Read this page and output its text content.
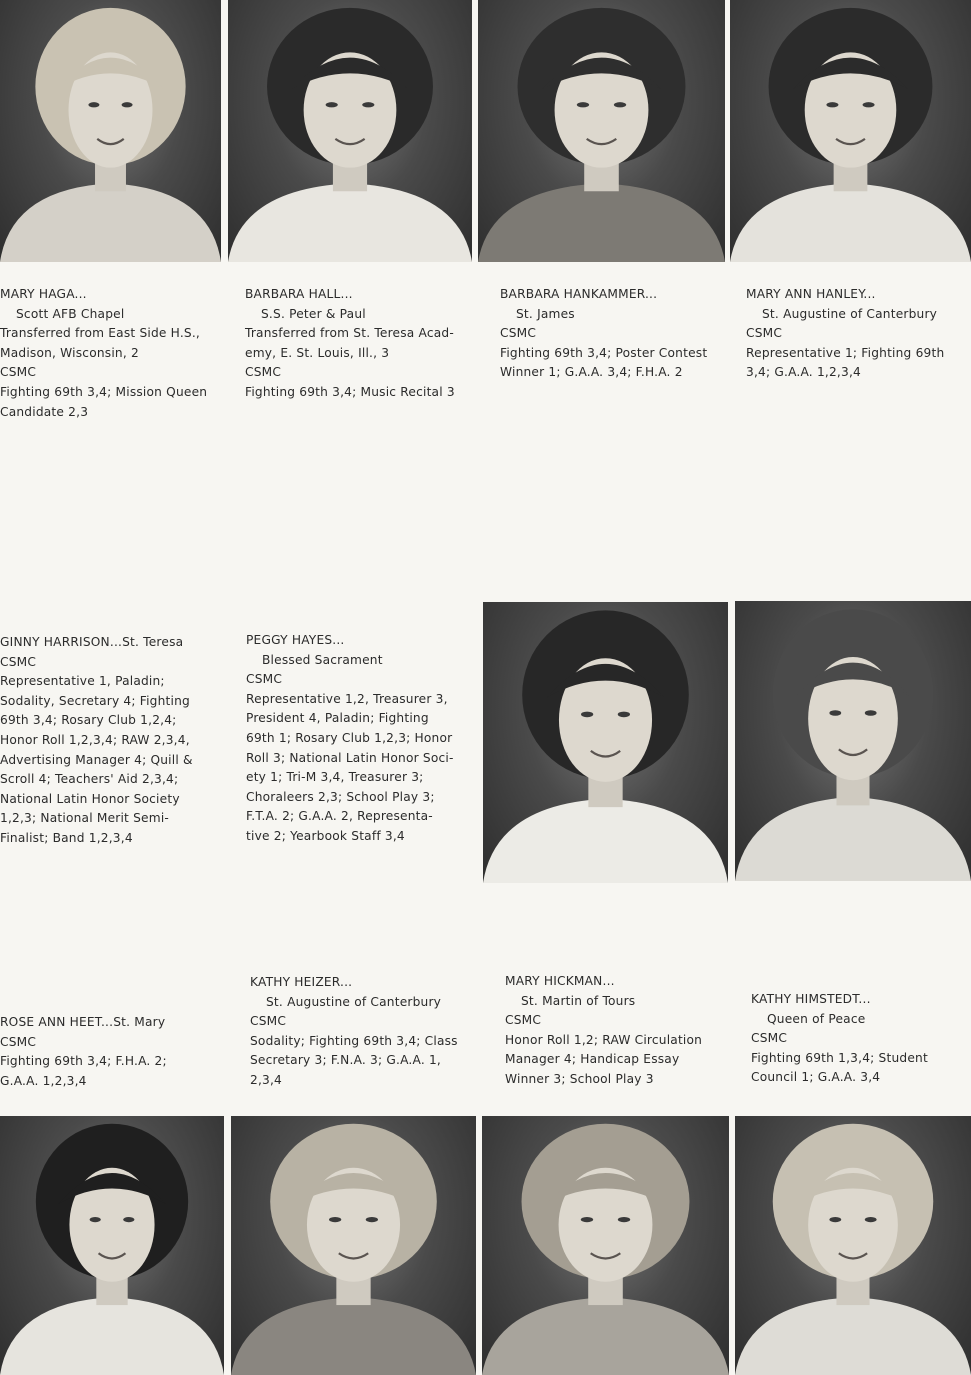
MARY HAGA...
Scott AFB Chapel
Transferred from East Side H.S.,
Madison, Wisconsin, 2
CSMC
Fighting 69th 3,4; Mission Queen
Candidate 2,3
BARBARA HALL...
S.S. Peter & Paul
Transferred from St. Teresa Acad-
emy, E. St. Louis, Ill., 3
CSMC
Fighting 69th 3,4; Music Recital 3
BARBARA HANKAMMER...
St. James
CSMC
Fighting 69th 3,4; Poster Contest
Winner 1; G.A.A. 3,4; F.H.A. 2
MARY ANN HANLEY...
St. Augustine of Canterbury
CSMC
Representative 1; Fighting 69th
3,4; G.A.A. 1,2,3,4
GINNY HARRISON...St. Teresa
CSMC
Representative 1, Paladin;
Sodality, Secretary 4; Fighting
69th 3,4; Rosary Club 1,2,4;
Honor Roll 1,2,3,4; RAW 2,3,4,
Advertising Manager 4; Quill &
Scroll 4; Teachers' Aid 2,3,4;
National Latin Honor Society
1,2,3; National Merit Semi-
Finalist; Band 1,2,3,4
PEGGY HAYES...
Blessed Sacrament
CSMC
Representative 1,2, Treasurer 3,
President 4, Paladin; Fighting
69th 1; Rosary Club 1,2,3; Honor
Roll 3; National Latin Honor Soci-
ety 1; Tri-M 3,4, Treasurer 3;
Choraleers 2,3; School Play 3;
F.T.A. 2; G.A.A. 2, Representa-
tive 2; Yearbook Staff 3,4
ROSE ANN HEET...St. Mary
CSMC
Fighting 69th 3,4; F.H.A. 2;
G.A.A. 1,2,3,4
KATHY HEIZER...
St. Augustine of Canterbury
CSMC
Sodality; Fighting 69th 3,4; Class
Secretary 3; F.N.A. 3; G.A.A. 1,
2,3,4
MARY HICKMAN...
St. Martin of Tours
CSMC
Honor Roll 1,2; RAW Circulation
Manager 4; Handicap Essay
Winner 3; School Play 3
KATHY HIMSTEDT...
Queen of Peace
CSMC
Fighting 69th 1,3,4; Student
Council 1; G.A.A. 3,4
